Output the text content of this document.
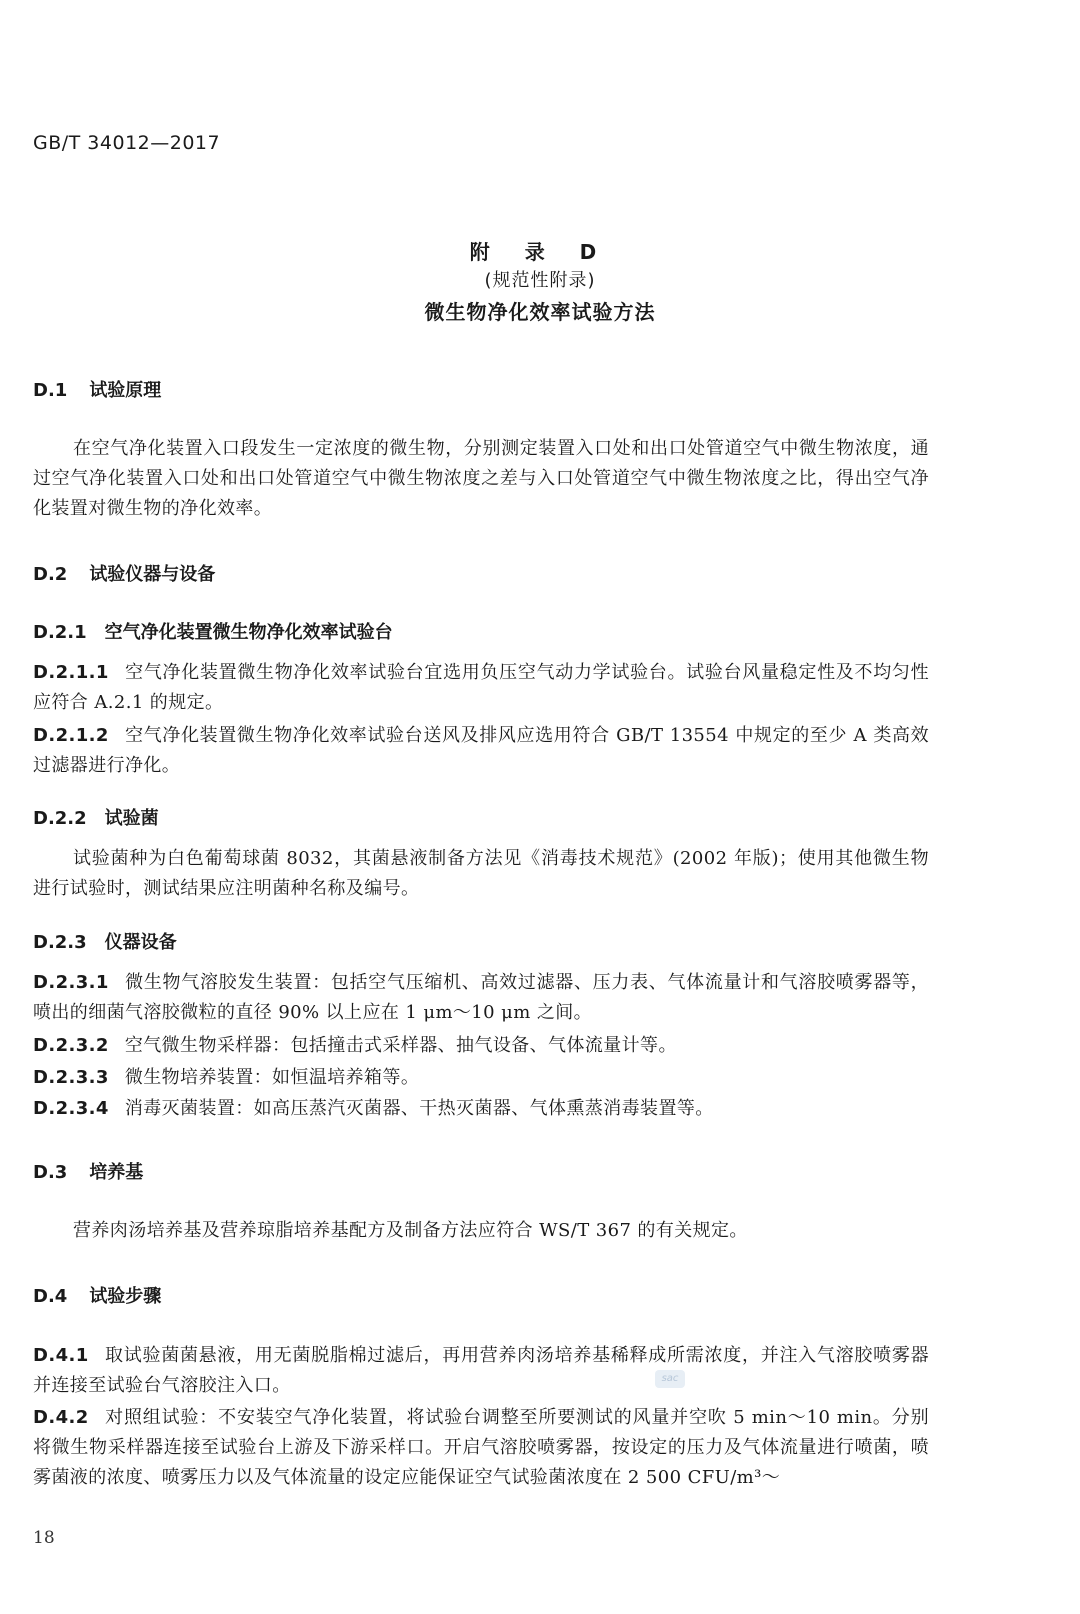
GB/T 34012—2017
附 录 D
(规范性附录)
微生物净化效率试验方法
D.1 试验原理
在空气净化装置入口段发生一定浓度的微生物，分别测定装置入口处和出口处管道空气中微生物浓度，通过空气净化装置入口处和出口处管道空气中微生物浓度之差与入口处管道空气中微生物浓度之比，得出空气净化装置对微生物的净化效率。
D.2 试验仪器与设备
D.2.1 空气净化装置微生物净化效率试验台
D.2.1.1 空气净化装置微生物净化效率试验台宜选用负压空气动力学试验台。试验台风量稳定性及不均匀性应符合 A.2.1 的规定。
D.2.1.2 空气净化装置微生物净化效率试验台送风及排风应选用符合 GB/T 13554 中规定的至少 A 类高效过滤器进行净化。
D.2.2 试验菌
试验菌种为白色葡萄球菌 8032，其菌悬液制备方法见《消毒技术规范》(2002 年版)；使用其他微生物进行试验时，测试结果应注明菌种名称及编号。
D.2.3 仪器设备
D.2.3.1 微生物气溶胶发生装置：包括空气压缩机、高效过滤器、压力表、气体流量计和气溶胶喷雾器等，喷出的细菌气溶胶微粒的直径 90% 以上应在 1 μm～10 μm 之间。
D.2.3.2 空气微生物采样器：包括撞击式采样器、抽气设备、气体流量计等。
D.2.3.3 微生物培养装置：如恒温培养箱等。
D.2.3.4 消毒灭菌装置：如高压蒸汽灭菌器、干热灭菌器、气体熏蒸消毒装置等。
D.3 培养基
营养肉汤培养基及营养琼脂培养基配方及制备方法应符合 WS/T 367 的有关规定。
D.4 试验步骤
D.4.1 取试验菌菌悬液，用无菌脱脂棉过滤后，再用营养肉汤培养基稀释成所需浓度，并注入气溶胶喷雾器并连接至试验台气溶胶注入口。
D.4.2 对照组试验：不安装空气净化装置，将试验台调整至所要测试的风量并空吹 5 min～10 min。分别将微生物采样器连接至试验台上游及下游采样口。开启气溶胶喷雾器，按设定的压力及气体流量进行喷菌，喷雾菌液的浓度、喷雾压力以及气体流量的设定应能保证空气试验菌浓度在 2 500 CFU/m³～
sac
18
